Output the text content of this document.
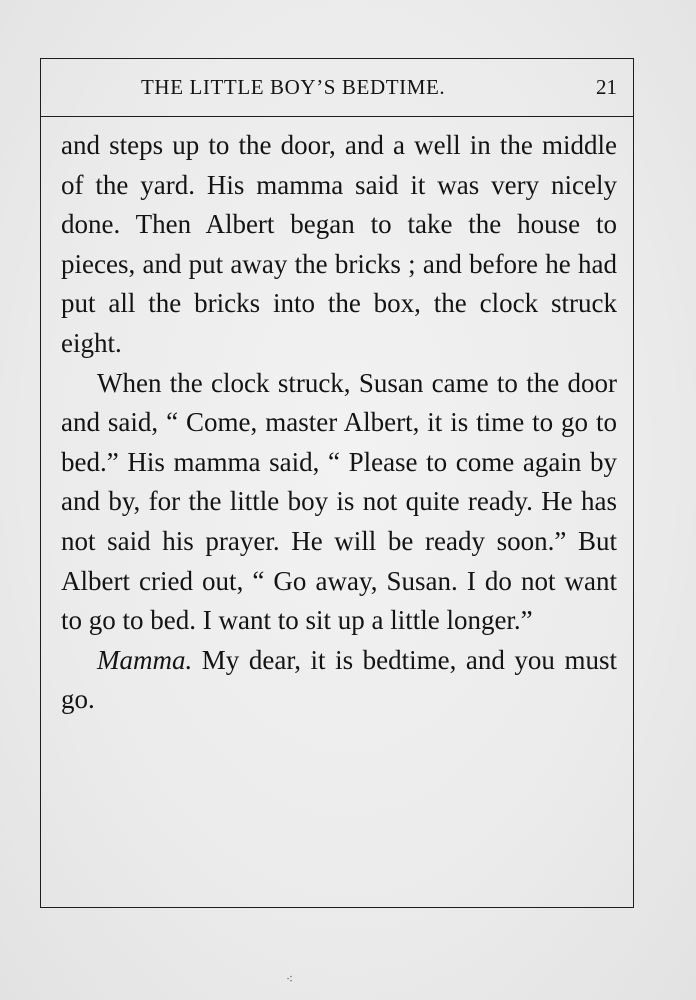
THE LITTLE BOY’S BEDTIME.	21

and steps up to the door, and a well in the middle of the yard. His mamma said it was very nicely done. Then Albert began to take the house to pieces, and put away the bricks ; and before he had put all the bricks into the box, the clock struck eight.

When the clock struck, Susan came to the door and said, “ Come, master Albert, it is time to go to bed.” His mamma said, “ Please to come again by and by, for the little boy is not quite ready. He has not said his prayer. He will be ready soon.” But Albert cried out, “ Go away, Susan. I do not want to go to bed. I want to sit up a little longer.”

Mamma. My dear, it is bedtime, and you must go.

⁖
